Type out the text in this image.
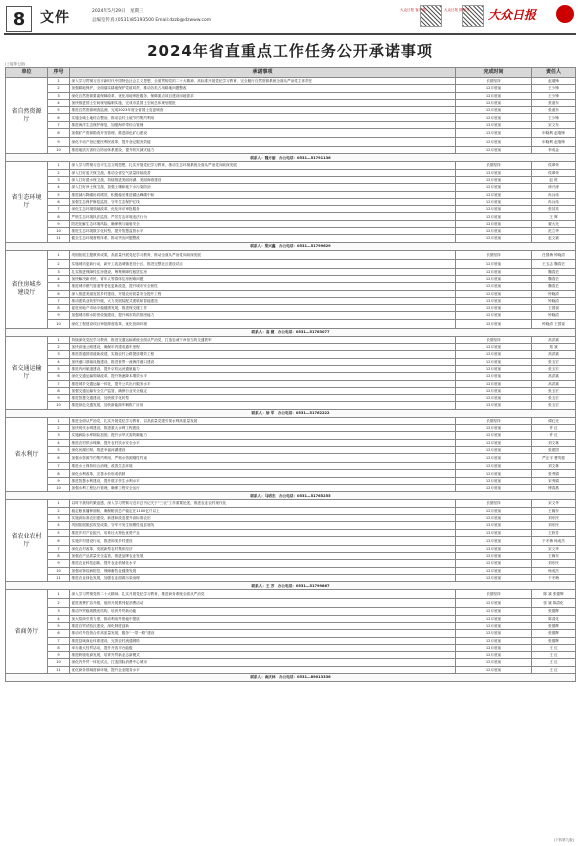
8	文件	2024年5月29日　星期三
总编室传真:(0531)85193500 Email:dzzb@dzwww.com
大众日报 客户端	大众日报 微信号 大众日报
2024年省直重点工作任务公开承诺事项
(上接第七版)
单位	序号	承诺事项	完成时间	责任人
省自然资源厅	1	深入学习贯彻习近平新时代中国特色社会主义思想，全面贯彻党的二十大精神，高标准开展党纪学习教育，完全履行自然资源系统全面从严治党主体责任	长期坚持	赵瑞锋
	2	加强耕地保护，全面落实耕地保护党政同责，推动各类占用耕地问题整改	12月底前	王少锋
	3	深化自然资源要素保障改革，优化用地审批服务，保障重点项目建设用地需求	12月底前	王少锋
	4	加快推进国土空间规划编制实施，完成市县国土空间总体规划报批	12月底前	张道东
	5	推进自然资源调查监测，完成2023年度全省国土变更调查	12月底前	张道东
	6	实施全域土地综合整治，推动农村土地节约集约利用	12月底前	王少锋
	7	推进海洋生态保护修复，加强海岸带综合管理	12月底前	宋文东
	8	加强矿产资源勘查开发管理，推进绿色矿山建设	12月底前	申晓利 赵瑞锋
	9	深化不动产登记便民利民改革，提升登记服务效能	12月底前	申晓利 赵瑞锋
	10	推进地质灾害综合防治体系建设，提升防灾减灾能力	12月底前	李成金
联系人：魏方丽　办公电话：0531—51791136				
省生态环境厅	1	深入学习贯彻习近平生态文明思想，扎实开展党纪学习教育，推动生态环境系统全面从严治党向纵深发展	长期坚持	侯翠荣
	2	深入打好蓝天保卫战，推动全省空气质量持续改善	12月底前	侯翠荣
	3	深入打好碧水保卫战，持续推进美丽河湖、美丽海湾建设	12月底前	赵 栋
	4	深入打好净土保卫战，加强土壤和地下水污染防治	12月底前	徐兴涛
	5	推进减污降碳协同增效，积极稳妥推进碳达峰碳中和	12月底前	冉兵伟
	6	加强生态保护修复监管，守牢生态保护红线	12月底前	冉兵伟
	7	深化生态环境领域改革，优化环评审批服务	12月底前	张其英
	8	严格生态环境执法监管，严厉打击环境违法行为	12月底前	王 辉
	9	防范化解生态环境风险，确保核与辐射安全	12月底前	翟大光
	10	推进生态环境数字化转型，提升智慧监管水平	12月底前	范立华
	11	健全生态环境督察体系，推动突出问题整改	12月底前	赵文斌
联系人：梁兴鑫　办公电话：0531—51799629				
省住房城乡建设厅	1	巩固拓展主题教育成果，高质量开展党纪学习教育，推动全面从严治党向纵深发展	长期坚持	任国梅 钟晓清
	2	实施城市更新行动，新开工改造城镇老旧小区，推进完整社区建设试点	12月底前	王玉志 魏春芸
	3	扎实推进保障性住房建设，筹集保障性租赁住房	12月底前	魏春芸
	4	加快解决新市民、青年人等群体住房困难问题	12月底前	魏春芸
	5	推进城市燃气管道等老化更新改造，提升城市安全韧性	12月底前	魏春芸
	6	深入推进美丽宜居乡村建设，开展农房质量安全提升工程	12月底前	钟晓清
	7	推动建筑业转型升级，大力发展装配式建筑和智能建造	12月底前	钟晓清
	8	促进房地产市场平稳健康发展，推进保交楼工作	12月底前	王国禄
	9	加强城市排水防涝设施建设，提升城市防洪排涝能力	12月底前	钟晓清
	10	深化工程建设项目审批制度改革，优化营商环境	12月底前	钟晓清 王国禄
联系人：高 健　办公电话：0531—51763077				
省交通运输厅	1	持续深化党纪学习教育，推进交通运输系统全面从严治党，打造忠诚干净担当的交通铁军	长期坚持	高洪斌
	2	加快高速公路建设，确保年内建成通车里程	12月底前	郑 斌
	3	推进普通国省道新改建，实施农村公路提质增效工程	12月底前	高洪斌
	4	加快港口基础设施建设，推进世界一流海洋港口建设	12月底前	张玉宏
	5	推进内河航道建设，提升京杭运河通航能力	12月底前	张玉宏
	6	深化交通运输领域改革，提升物流降本增效水平	12月底前	高洪斌
	7	推进城乡交通运输一体化，提升公共出行服务水平	12月底前	高洪斌
	8	加强交通运输安全生产监管，确保行业安全稳定	12月底前	张玉宏
	9	推进智慧交通建设，加快数字化转型	12月底前	张玉宏
	10	推进绿色交通发展，加快新能源车辆推广应用	12月底前	张玉宏
联系人：徐 军　办公电话：0531—51762222				
省水利厅	1	推进全面从严治党，扎实开展党纪学习教育，以高质量党建引领水利高质量发展	长期坚持	谭红光
	2	加快现代水网建设，推进重大水利工程建设	12月底前	许 红
	3	实施病险水库除险加固，提升水旱灾害防御能力	12月底前	许 红
	4	推进农村供水保障，提升农村饮水安全水平	12月底前	刘文林
	5	深化河湖长制，推进幸福河湖建设	12月底前	张建国
	6	加强水资源节约集约利用，严格水资源刚性约束	12月底前	严正平 曹茂强
	7	推进水土保持综合治理，改善生态环境	12月底前	刘文林
	8	深化水利改革，完善水价形成机制	12月底前	张秀娟
	9	推进智慧水利建设，提升数字孪生水利水平	12月底前	宋秀娟
	10	加强水利工程运行管理，确保工程安全运行	12月底前	博春燕
联系人：马明杰　办公电话：0531—51765255				
省农业农村厅	1	以时不我待的紧迫感，深入学习贯彻习近平总书记关于“三农”工作重要论述，推进农业农村现代化	长期坚持	宋文华
	2	稳定粮食播种面积，确保粮食总产稳定在1100亿斤以上	12月底前	王翰东
	3	实施高标准农田建设，新建和改造提升高标准农田	12月底前	刘东民
	4	巩固拓展脱贫攻坚成果，守牢不发生规模性返贫底线	12月底前	刘东民
	5	推进乡村产业振兴，培育壮大特色优势产业	12月底前	王欣芳
	6	实施乡村建设行动，推进和美乡村建设	12月底前	于冬梅 杨成杰
	7	深化农村改革，发展新型农村集体经济	12月底前	宋文华
	8	加强农产品质量安全监管，推进品牌农业发展	12月底前	王翰东
	9	推进农业科技创新，提升农业机械化水平	12月底前	刘东民
	10	加强动物疫病防控，保障畜牧业健康发展	12月底前	杨成杰
	11	推进农业绿色发展，加强农业面源污染治理	12月底前	于冬梅
联系人：王 芳　办公电话：0531—51799867				
省商务厅	1	深入学习贯彻党的二十大精神，扎实开展党纪学习教育，推进商务系统全面从严治党	长期坚持	陈 斌 张德辉
	2	促进消费扩容升级，组织开展系列促消费活动	12月底前	张 斌 陈清化
	3	推动外贸稳规模优结构，培育外贸新动能	12月底前	张德辉
	4	加大招商引资力度，推动利用外资稳中提质	12月底前	陈清化
	5	推进自贸试验区建设，深化制度创新	12月底前	张德辉
	6	推动对外投资合作高质量发展，服务“一带一路”建设	12月底前	张德辉
	7	推进县域商业体系建设，完善农村流通网络	12月底前	张德辉
	8	举办重大经贸活动，提升开放平台能级	12月底前	王 红
	9	推进跨境电商发展，培育外贸新业态新模式	12月底前	王 红
	10	深化内外贸一体化试点，打造国际消费中心城市	12月底前	王 红
	11	优化商务领域营商环境，提升企业服务水平	12月底前	王 红
联系人：曲庆林　办公电话：0531—89013336				
(下转第九版)
